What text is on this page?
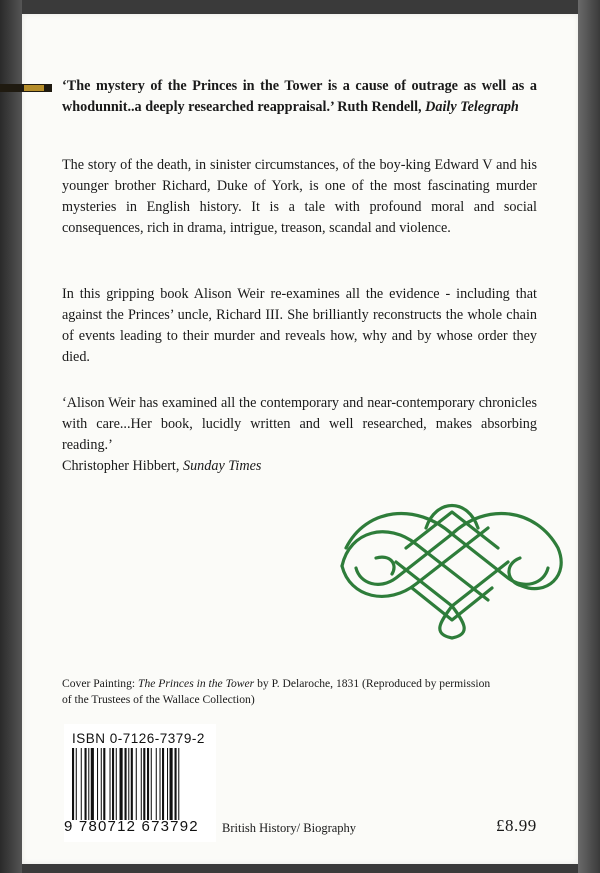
‘The mystery of the Princes in the Tower is a cause of outrage as well as a whodunnit..a deeply researched reappraisal.’ Ruth Rendell, Daily Telegraph

The story of the death, in sinister circumstances, of the boy-king Edward V and his younger brother Richard, Duke of York, is one of the most fascinating murder mysteries in English history. It is a tale with profound moral and social consequences, rich in drama, intrigue, treason, scandal and violence.

In this gripping book Alison Weir re-examines all the evidence - including that against the Princes’ uncle, Richard III. She brilliantly reconstructs the whole chain of events leading to their murder and reveals how, why and by whose order they died.

‘Alison Weir has examined all the contemporary and near-contemporary chronicles with care...Her book, lucidly written and well researched, makes absorbing reading.’
Christopher Hibbert, Sunday Times

Cover Painting: The Princes in the Tower by P. Delaroche, 1831 (Reproduced by permission of the Trustees of the Wallace Collection)

ISBN 0-7126-7379-2
9 780712 673792	British History/ Biography	£8.99
